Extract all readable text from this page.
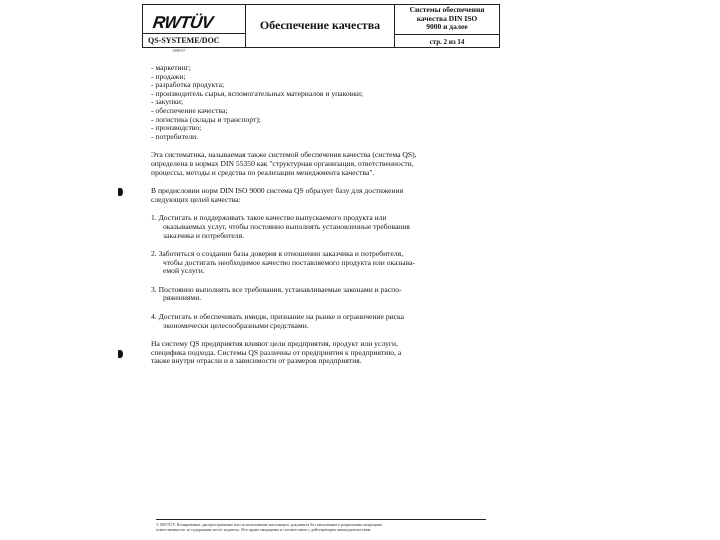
RWTÜV
QS-SYSTEME/DOC
Обеспечение качества
Системы обеспечения
качества DIN ISO
9000 и далее
стр. 2 из 14
1998-07
- маркетинг;
- продажи;
- разработка продукта;
- производитель сырья, вспомогательных материалов и упаковки;
- закупки;
- обеспечение качества;
- логистика (склады и транспорт);
- производство;
- потребители.
Эта систематика, называемая также системой обеспечения качества (система QS),
определена в нормах DIN 55350 как "структурная организация, ответственности,
процессы, методы и средства по реализации менеджмента качества".
В предисловии норм DIN ISO 9000 система QS образует базу для достижения
следующих целей качества:
1. Достигать и поддерживать такое качество выпускаемого продукта или
оказываемых услуг, чтобы постоянно выполнять установленные требования
заказчика и потребителя.
2. Заботиться о создании базы доверия в отношении заказчика и потребителя,
чтобы достигать необходимое качество поставляемого продукта или оказыва-
емой услуги.
3. Постоянно выполнять все требования, устанавливаемые законами и распо-
ряжениями.
4. Достигать и обеспечивать имидж, признание на рынке и ограничение риска
экономически целесообразными средствами.
На систему QS предприятия влияют цели предприятия, продукт или услуги,
специфика подхода. Системы QS различны от предприятия к предприятию, а
также внутри отрасли и в зависимости от размеров предприятия.
© RWTÜV. Копирование, распространение или использование настоящего документа без письменного разрешения запрещено
ответственность за содержание несёт издатель. Все права защищены в соответствии с действующим законодательством
